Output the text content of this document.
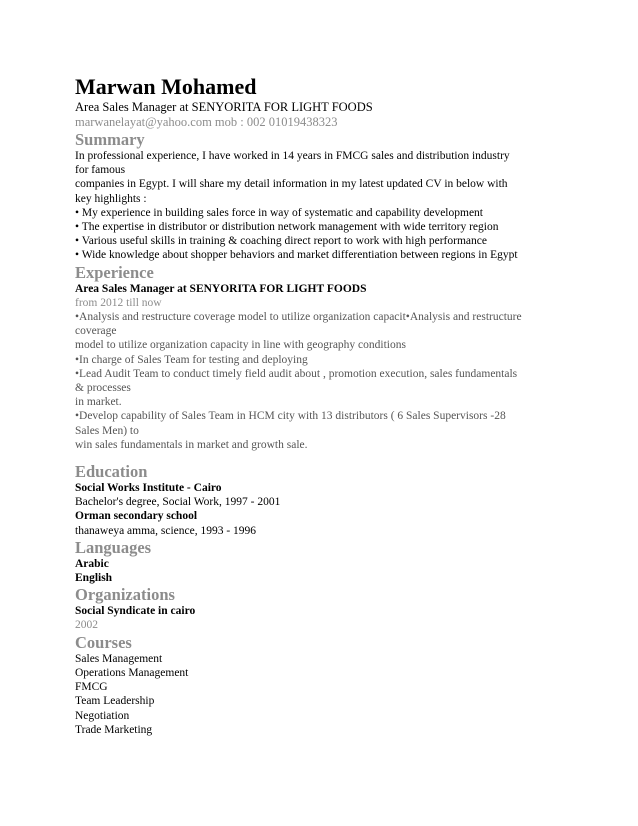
Marwan Mohamed
Area Sales Manager at SENYORITA FOR LIGHT FOODS
marwanelayat@yahoo.com mob : 002 01019438323
Summary
In professional experience, I have worked in 14 years in FMCG sales and distribution industry
for famous
companies in Egypt. I will share my detail information in my latest updated CV in below with
key highlights :
• My experience in building sales force in way of systematic and capability development
• The expertise in distributor or distribution network management with wide territory region
• Various useful skills in training & coaching direct report to work with high performance
• Wide knowledge about shopper behaviors and market differentiation between regions in Egypt
Experience
Area Sales Manager at SENYORITA FOR LIGHT FOODS
from 2012 till now
•Analysis and restructure coverage model to utilize organization capacit•Analysis and restructure
coverage
model to utilize organization capacity in line with geography conditions
•In charge of Sales Team for testing and deploying
•Lead Audit Team to conduct timely field audit about , promotion execution, sales fundamentals
& processes
in market.
•Develop capability of Sales Team in HCM city with 13 distributors ( 6 Sales Supervisors -28
Sales Men) to
win sales fundamentals in market and growth sale.
Education
Social Works Institute - Cairo
Bachelor's degree, Social Work, 1997 - 2001
Orman secondary school
thanaweya amma, science, 1993 - 1996
Languages
Arabic
English
Organizations
Social Syndicate in cairo
2002
Courses
Sales Management
Operations Management
FMCG
Team Leadership
Negotiation
Trade Marketing
